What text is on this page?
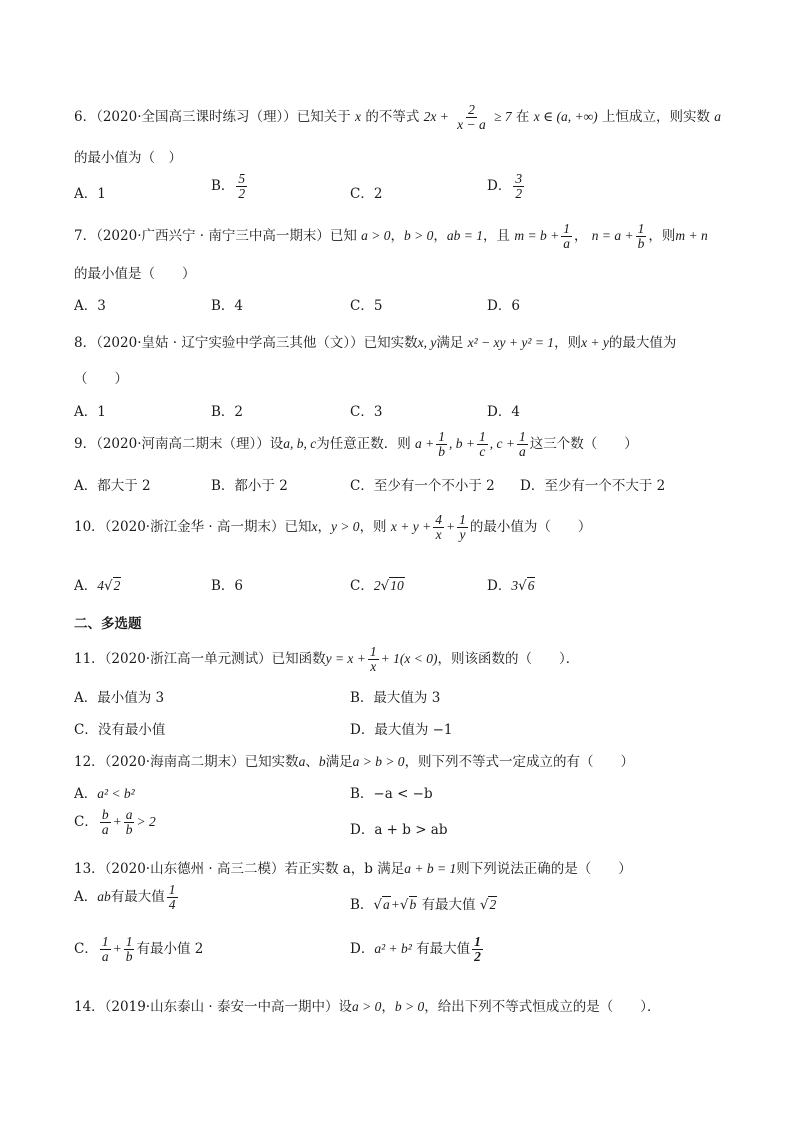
6．（2020·全国高三课时练习（理））已知关于 x 的不等式 $2x + \frac{2}{x - a} \ge 7$ 在 x ∈ (a, +∞) 上恒成立，则实数 a
的最小值为（　）
A．1	B． $\frac{5}{2}$	C．2	D． $\frac{3}{2}$
7．（2020·广西兴宁 · 南宁三中高一期末）已知 a > 0，b > 0，ab = 1，且 $m = b + \frac{1}{a}$ ， $n = a + \frac{1}{b}$ ，则m + n
的最小值是（　　）
A．3	B．4	C．5	D．6
8．（2020·皇姑 · 辽宁实验中学高三其他（文））已知实数x, y满足 x² − xy + y² = 1，则x + y的最大值为
（　　）
A．1	B．2	C．3	D．4
9．（2020·河南高二期末（理））设a, b, c为任意正数．则 $a + \frac{1}{b}$ , $b + \frac{1}{c}$ , $c + \frac{1}{a}$ 这三个数（　　）
A．都大于 2	B．都小于 2	C．至少有一个不小于 2 D．至少有一个不大于 2
10．（2020·浙江金华 · 高一期末）已知x，y > 0，则 $x + y + \frac{4}{x} + \frac{1}{y}$ 的最小值为（　　）
A．4√2	B．6	C．2√10	D．3√6
二、多选题
11．（2020·浙江高一单元测试）已知函数$y = x + \frac{1}{x} + 1(x < 0)$，则该函数的（　　）．
A．最小值为 3	B．最大值为 3
C．没有最小值	D．最大值为 −1
12．（2020·海南高二期末）已知实数a、b满足a > b > 0，则下列不等式一定成立的有（　　）
A．a² < b²	B．−a < −b
C． $\frac{b}{a} + \frac{a}{b} > 2$
D．a + b > ab
13．（2020·山东德州 · 高三二模）若正实数 a，b 满足a + b = 1则下列说法正确的是（　　）
A．ab有最大值 $\frac{1}{4}$	B．√a+√b 有最大值 √2
C． $\frac{1}{a} + \frac{1}{b}$ 有最小值 2	D．a² + b² 有最大值 $\frac{1}{2}$
14．（2019·山东泰山 · 泰安一中高一期中）设a > 0，b > 0，给出下列不等式恒成立的是（　　）．
